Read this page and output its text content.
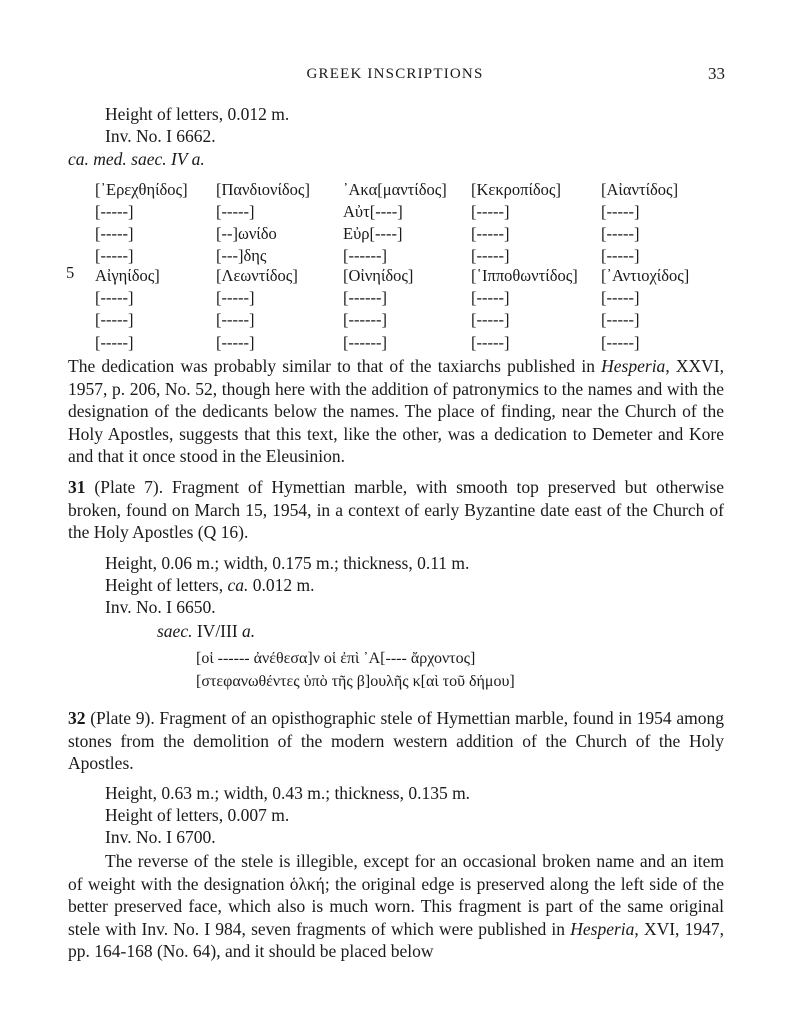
GREEK INSCRIPTIONS	33
Height of letters, 0.012 m.
Inv. No. I 6662.
ca. med. saec. IV a.
[᾿Ερεχθηίδος] [Πανδιονίδος] ᾿Ακα[μαντίδος] [Κεκροπίδος] [Αἰαντίδος]
[-----]	[-----]	Αὐτ[----]	[-----]	[-----]
[-----]	[--]ωνίδο	Εὐρ[----]	[-----]	[-----]
[-----]	[---]δης	[------]	[-----]	[-----]
Αἰγηίδος]	[Λεωντίδος]	[Οἰνηίδος]	[῾Ιπποθωντίδος] [᾿Αντιοχίδος]
[-----]	[-----]	[------]	[-----]	[-----]
[-----]	[-----]	[------]	[-----]	[-----]
[-----]	[-----]	[------]	[-----]	[-----]
5

The dedication was probably similar to that of the taxiarchs published in Hesperia, XXVI, 1957, p. 206, No. 52, though here with the addition of patronymics to the names and with the designation of the dedicants below the names. The place of finding, near the Church of the Holy Apostles, suggests that this text, like the other, was a dedication to Demeter and Kore and that it once stood in the Eleusinion.

31 (Plate 7). Fragment of Hymettian marble, with smooth top preserved but otherwise broken, found on March 15, 1954, in a context of early Byzantine date east of the Church of the Holy Apostles (Q 16).

Height, 0.06 m.; width, 0.175 m.; thickness, 0.11 m.
Height of letters, ca. 0.012 m.
Inv. No. I 6650.
saec. IV/III a.
[οἱ ------ ἀνέθεσα]ν οἱ ἐπὶ ᾿Α[---- ἄρχοντος]
[στεφανωθέντες ὑπὸ τῆς β]ουλῆς κ[αὶ τοῦ δήμου]

32 (Plate 9). Fragment of an opisthographic stele of Hymettian marble, found in 1954 among stones from the demolition of the modern western addition of the Church of the Holy Apostles.

Height, 0.63 m.; width, 0.43 m.; thickness, 0.135 m.
Height of letters, 0.007 m.
Inv. No. I 6700.

The reverse of the stele is illegible, except for an occasional broken name and an item of weight with the designation ὁλκή; the original edge is preserved along the left side of the better preserved face, which also is much worn. This fragment is part of the same original stele with Inv. No. I 984, seven fragments of which were published in Hesperia, XVI, 1947, pp. 164-168 (No. 64), and it should be placed below
